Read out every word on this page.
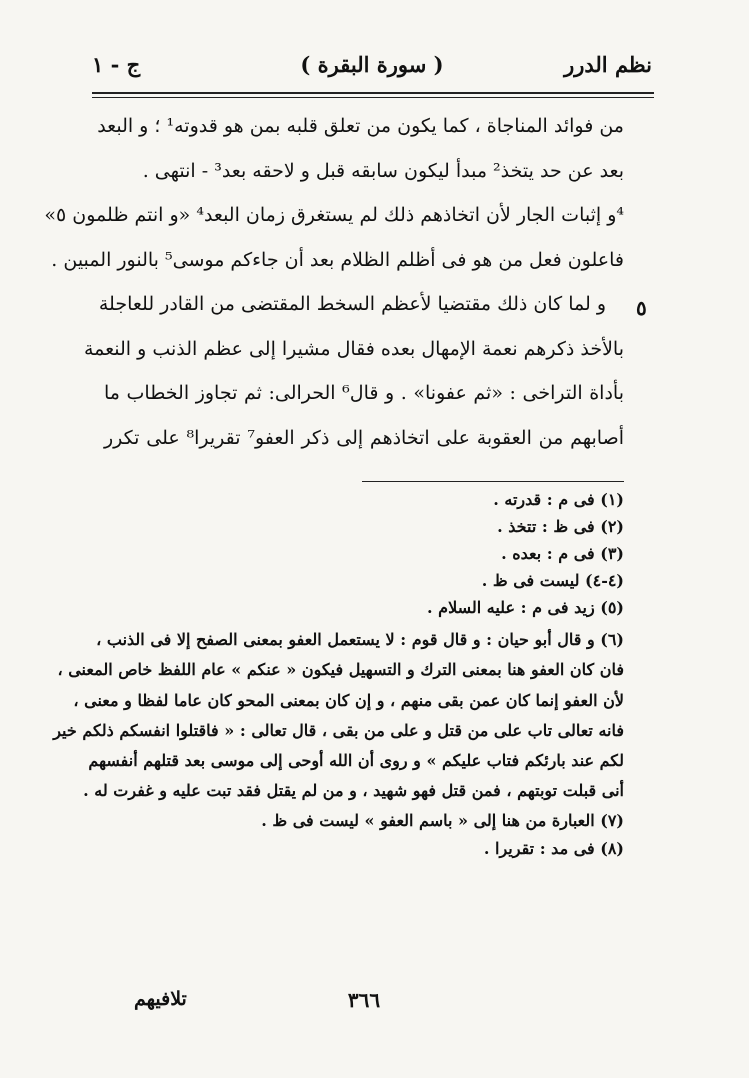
نظم الدرر
( سورة البقرة )
ج - ١
من فوائد المناجاة ، كما يكون من تعلق قلبه بمن هو قدوته¹ ؛ و البعد
بعد عن حد يتخذ² مبدأ ليكون سابقه قبل و لاحقه بعد³ - انتهى .
⁴و إثبات الجار لأن اتخاذهم ذلك لم يستغرق زمان البعد⁴ «و انتم ظلمون ٥»
فاعلون فعل من هو فى أظلم الظلام بعد أن جاءكم موسى⁵ بالنور المبين .
و لما كان ذلك مقتضيا لأعظم السخط المقتضى من القادر للعاجلة
بالأخذ ذكرهم نعمة الإمهال بعده فقال مشيرا إلى عظم الذنب و النعمة
بأداة التراخى : «ثم عفونا» . و قال⁶ الحرالى: ثم تجاوز الخطاب ما
أصابهم من العقوبة على اتخاذهم إلى ذكر العفو⁷ تقريرا⁸ على تكرر
٥
(١) فى م : قدرته .
(٢) فى ظ : تتخذ .
(٣) فى م : بعده .
(٤-٤) ليست فى ظ .
(٥) زيد فى م : عليه السلام .
(٦) و قال أبو حيان : و قال قوم : لا يستعمل العفو بمعنى الصفح إلا فى الذنب ،
فان كان العفو هنا بمعنى الترك و التسهيل فيكون « عنكم » عام اللفظ خاص المعنى ،
لأن العفو إنما كان عمن بقى منهم ، و إن كان بمعنى المحو كان عاما لفظا و معنى ،
فانه تعالى تاب على من قتل و على من بقى ، قال تعالى : « فاقتلوا انفسكم ذلكم خير
لكم عند بارئكم فتاب عليكم » و روى أن الله أوحى إلى موسى بعد قتلهم أنفسهم
أنى قبلت توبتهم ، فمن قتل فهو شهيد ، و من لم يقتل فقد تبت عليه و غفرت له .
(٧) العبارة من هنا إلى « باسم العفو » ليست فى ظ .
(٨) فى مد : تقريرا .
تلافيهم	٣٦٦
